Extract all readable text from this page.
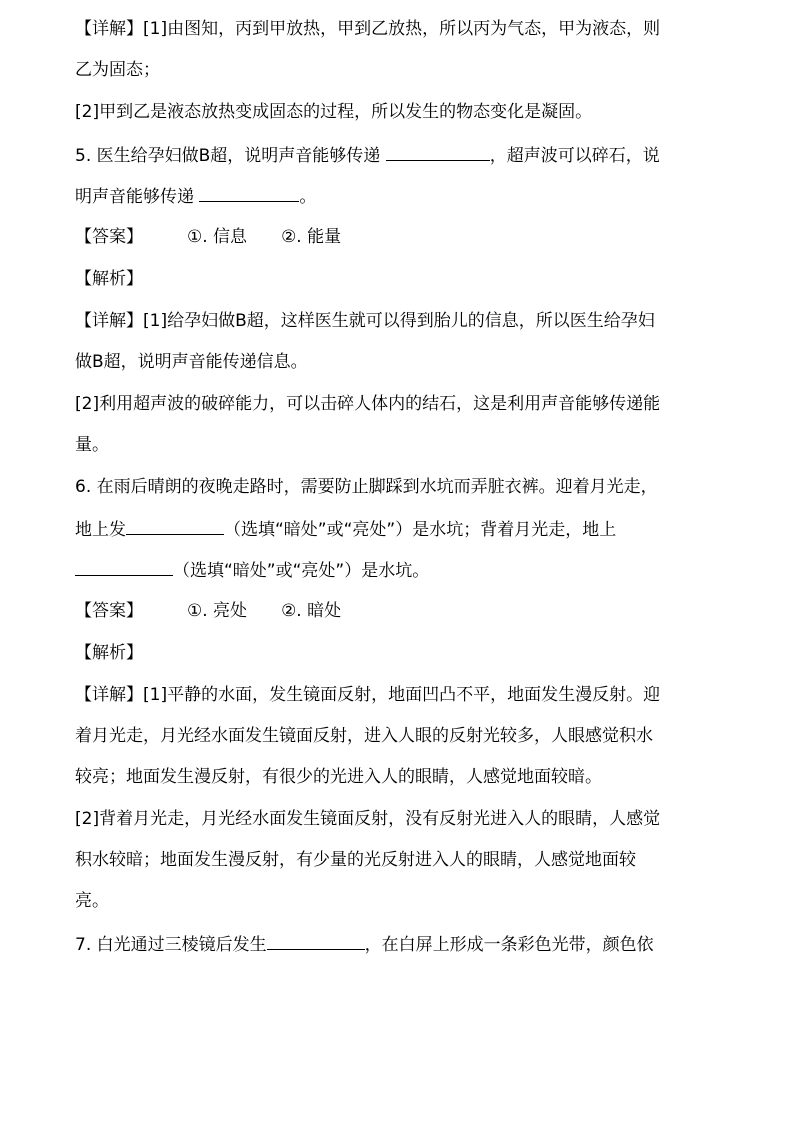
【详解】[1]由图知，丙到甲放热，甲到乙放热，所以丙为气态，甲为液态，则

乙为固态；

[2]甲到乙是液态放热变成固态的过程，所以发生的物态变化是凝固。

5. 医生给孕妇做B超，说明声音能够传递	，超声波可以碎石，说

明声音能够传递	。

【答案】	①. 信息 ②. 能量

【解析】

【详解】[1]给孕妇做B超，这样医生就可以得到胎儿的信息，所以医生给孕妇

做B超，说明声音能传递信息。

[2]利用超声波的破碎能力，可以击碎人体内的结石，这是利用声音能够传递能

量。

6. 在雨后晴朗的夜晚走路时，需要防止脚踩到水坑而弄脏衣裤。迎着月光走，

地上发	（选填“暗处”或“亮处”）是水坑；背着月光走，地上

（选填“暗处”或“亮处”）是水坑。

【答案】	①. 亮处 ②. 暗处

【解析】

【详解】[1]平静的水面，发生镜面反射，地面凹凸不平，地面发生漫反射。迎

着月光走，月光经水面发生镜面反射，进入人眼的反射光较多，人眼感觉积水

较亮；地面发生漫反射，有很少的光进入人的眼睛，人感觉地面较暗。

[2]背着月光走，月光经水面发生镜面反射，没有反射光进入人的眼睛，人感觉

积水较暗；地面发生漫反射，有少量的光反射进入人的眼睛，人感觉地面较

亮。

7. 白光通过三棱镜后发生	，在白屏上形成一条彩色光带，颜色依
